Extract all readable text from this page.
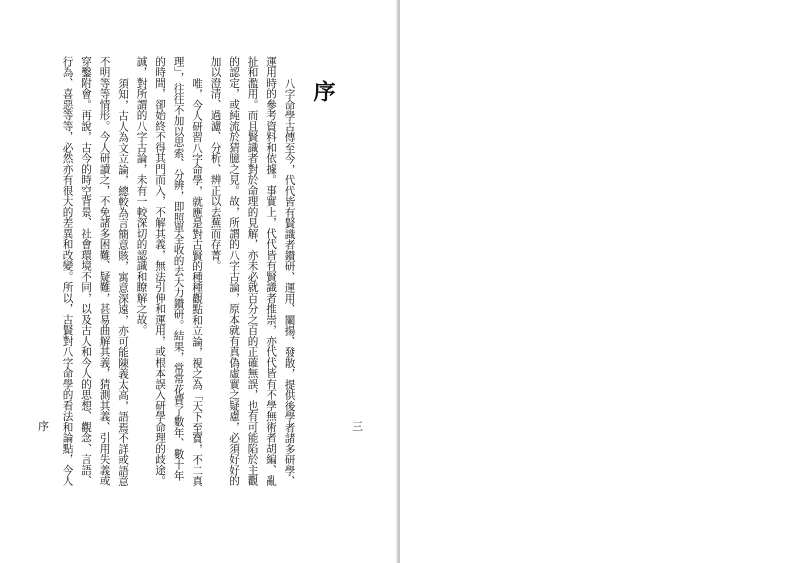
序
八字命學古傳至今，代代皆有賢識者鑽研、運用、闡揚、發散，提供後學者諸多研學、
運用時的參考資料和依據。事實上，代代皆有賢識者推崇，亦代代皆有不學無術者胡編、亂
扯和濫用。而且賢識者對於命理的見解，亦未必就百分之百的正確無誤，也有可能陷於主觀
的認定，或純流於猜臆之見。故，所謂的八字古論，原本就有真偽虛實之疑慮，必須好好的
加以澄清、過濾、分析、辨正以去蕪而存菁。
唯，今人研習八字命學，就應是對古賢的種種觀點和立論，視之為「天下至寶，不二真
理」，往往不加以思索、分辨，即照單全收的去大力鑽研。結果，常常花費了數年、數十年
的時間，卻始終不得其門而入，不解其義，無法引伸和運用，或根本誤入研學命理的歧途。
誠，對所謂的八字古論，未有一較深切的認識和瞭解之故。
須知，古人為文立論，總較為言簡意賅，寓意深遠，亦可能陳義太高，語焉不詳或語意
不明等等情形。今人研讀之，不免諸多困難、疑難，甚易曲解其義，猜測其義、引用失義或
穿鑿附會。再說，古今的時空背景、社會環境不同，以及古人和今人的思想、觀念、言語、
行為、喜惡等等，必然亦有很大的差異和改變。所以，古賢對八字命學的看法和論點，今人
序	三
